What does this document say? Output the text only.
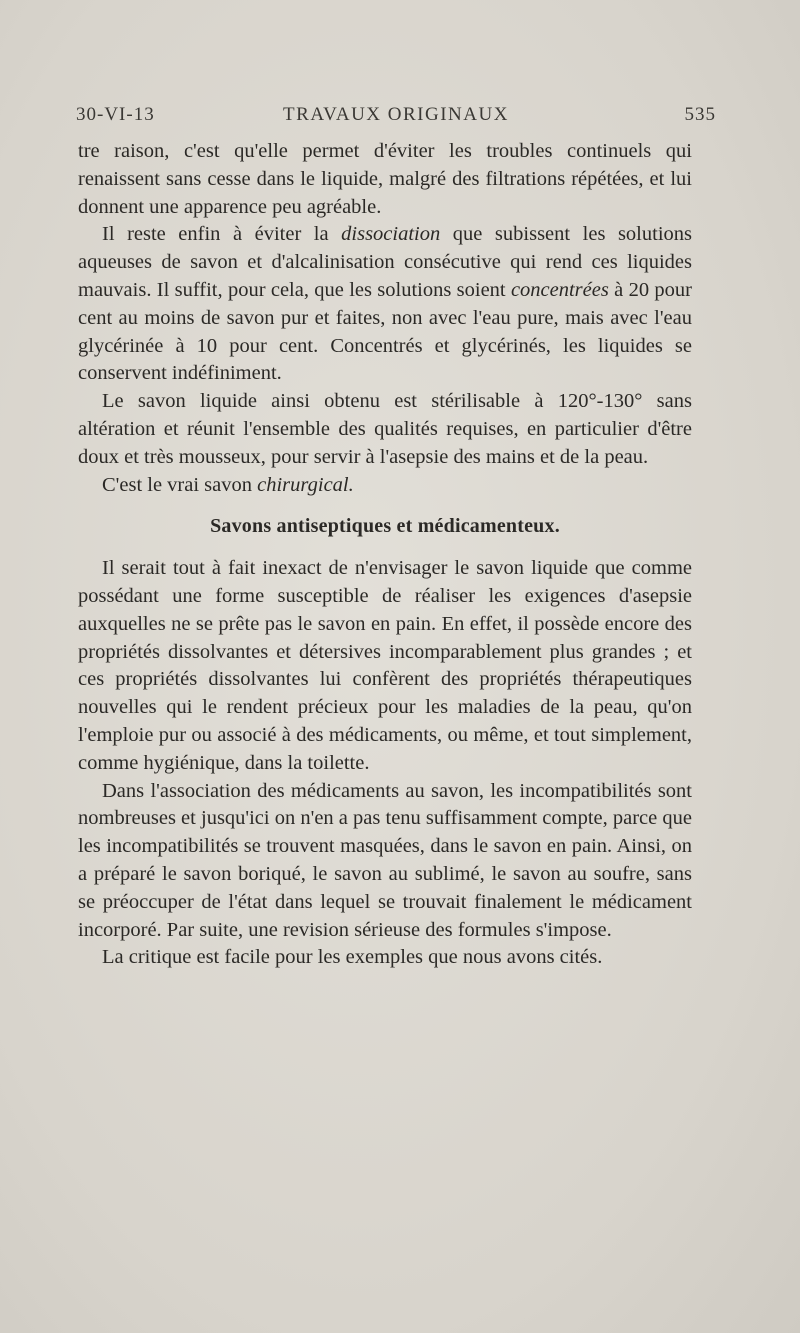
30-VI-13	TRAVAUX ORIGINAUX	535

tre raison, c'est qu'elle permet d'éviter les troubles continuels qui renaissent sans cesse dans le liquide, malgré des filtrations répétées, et lui donnent une apparence peu agréable.

Il reste enfin à éviter la dissociation que subissent les solutions aqueuses de savon et d'alcalinisation consécutive qui rend ces liquides mauvais. Il suffit, pour cela, que les solutions soient concentrées à 20 pour cent au moins de savon pur et faites, non avec l'eau pure, mais avec l'eau glycérinée à 10 pour cent. Concentrés et glycérinés, les liquides se conservent indéfiniment.

Le savon liquide ainsi obtenu est stérilisable à 120°-130° sans altération et réunit l'ensemble des qualités requises, en particulier d'être doux et très mousseux, pour servir à l'asepsie des mains et de la peau.

C'est le vrai savon chirurgical.

Savons antiseptiques et médicamenteux.

Il serait tout à fait inexact de n'envisager le savon liquide que comme possédant une forme susceptible de réaliser les exigences d'asepsie auxquelles ne se prête pas le savon en pain. En effet, il possède encore des propriétés dissolvantes et détersives incomparablement plus grandes ; et ces propriétés dissolvantes lui confèrent des propriétés thérapeutiques nouvelles qui le rendent précieux pour les maladies de la peau, qu'on l'emploie pur ou associé à des médicaments, ou même, et tout simplement, comme hygiénique, dans la toilette.

Dans l'association des médicaments au savon, les incompatibilités sont nombreuses et jusqu'ici on n'en a pas tenu suffisamment compte, parce que les incompatibilités se trouvent masquées, dans le savon en pain. Ainsi, on a préparé le savon boriqué, le savon au sublimé, le savon au soufre, sans se préoccuper de l'état dans lequel se trouvait finalement le médicament incorporé. Par suite, une revision sérieuse des formules s'impose.

La critique est facile pour les exemples que nous avons cités.
